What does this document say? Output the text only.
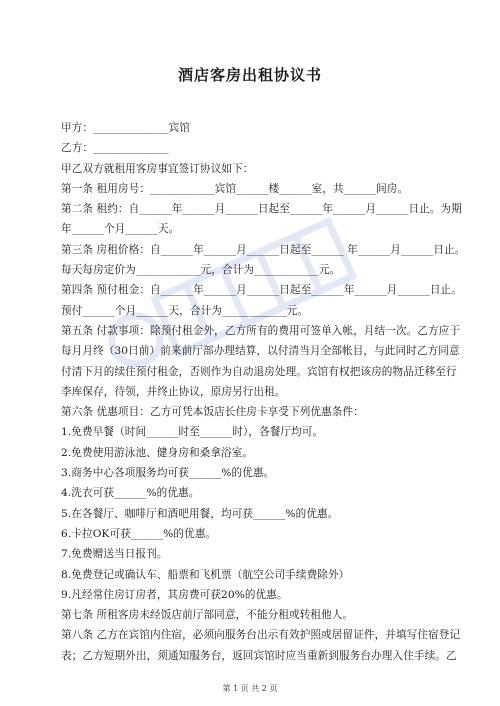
酒店客房出租协议书
甲方：______________宾馆
乙方：______________
甲乙双方就租用客房事宜签订协议如下：
第一条 租用房号：____________宾馆______楼______室，共______间房。
第二条 租约：自______年______月______日起至______年______月______日止。为期
年______个月______天。
第三条 房租价格：自______年______月______日起至______ 年______月______日止。
每天每房定价为____________元，合计为____________元。
第四条 预付租金：自______年______月______日起至______年______月______日止。
预付______个月______天，合计为____________元。
第五条 付款事项：除预付租金外，乙方所有的费用可签单入帐，月结一次。乙方应于
每月月终（30日前）前来前厅部办理结算，以付清当月全部帐目，与此同时乙方同意
付清下月的续住预付租金，否则作为自动退房处理。宾馆有权把该房的物品迁移至行
李库保存，待领，并终止协议，原房另行出租。
第六条 优惠项目：乙方可凭本饭店长住房卡享受下列优惠条件：
1.免费早餐（时间______时至______时），各餐厅均可。
2.免费使用游泳池、健身房和桑拿浴室。
3.商务中心各项服务均可获______%的优惠。
4.洗衣可获______%的优惠。
5.在各餐厅、咖啡厅和酒吧用餐，均可获______%的优惠。
6.卡拉OK可获______%的优惠。
7.免费赠送当日报刊。
8.免费登记或确认车、船票和飞机票（航空公司手续费除外）
9.凡经常住房订房者，其房费可获20%的优惠。
第七条 所租客房未经饭店前厅部同意，不能分租或转租他人。
第八条 乙方在宾馆内住宿，必须向服务台出示有效护照或居留证件，并填写住宿登记
表；乙方短期外出，须通知服务台，返回宾馆时应当重新到服务台办理入住手续。乙
第 1 页 共 2 页
